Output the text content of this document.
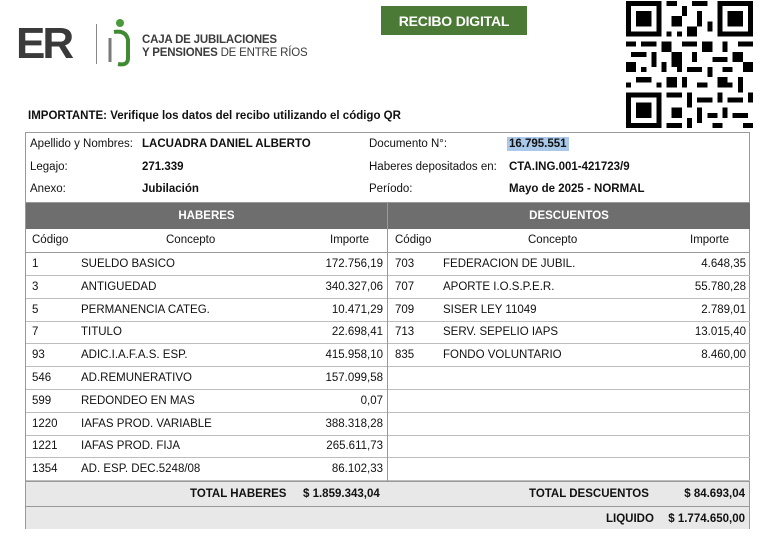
ER	CAJA DE JUBILACIONES
Y PENSIONES DE ENTRE RÍOS
RECIBO DIGITAL
IMPORTANTE: Verifique los datos del recibo utilizando el código QR
Apellido y Nombres: LACUADRA DANIEL ALBERTO	Documento N°:	16.795.551
Legajo:	271.339	Haberes depositados en: CTA.ING.001-421723/9
Anexo:	Jubilación	Período:	Mayo de 2025 - NORMAL
HABERES	DESCUENTOS
Código	Concepto	Importe Código	Concepto	Importe
1	SUELDO BASICO	172.756,19
3	ANTIGUEDAD	340.327,06
5	PERMANENCIA CATEG.	10.471,29
7	TITULO	22.698,41
93	ADIC.I.A.F.A.S. ESP.	415.958,10
546	AD.REMUNERATIVO	157.099,58
599	REDONDEO EN MAS	0,07
1220 IAFAS PROD. VARIABLE	388.318,28
1221 IAFAS PROD. FIJA	265.611,73
1354 AD. ESP. DEC.5248/08	86.102,33
703	FEDERACION DE JUBIL.	4.648,35
707	APORTE I.O.S.P.E.R.	55.780,28
709	SISER LEY 11049	2.789,01
713	SERV. SEPELIO IAPS	13.015,40
835	FONDO VOLUNTARIO	8.460,00
TOTAL HABERES $ 1.859.343,04	TOTAL DESCUENTOS	$ 84.693,04
LIQUIDO $ 1.774.650,00
